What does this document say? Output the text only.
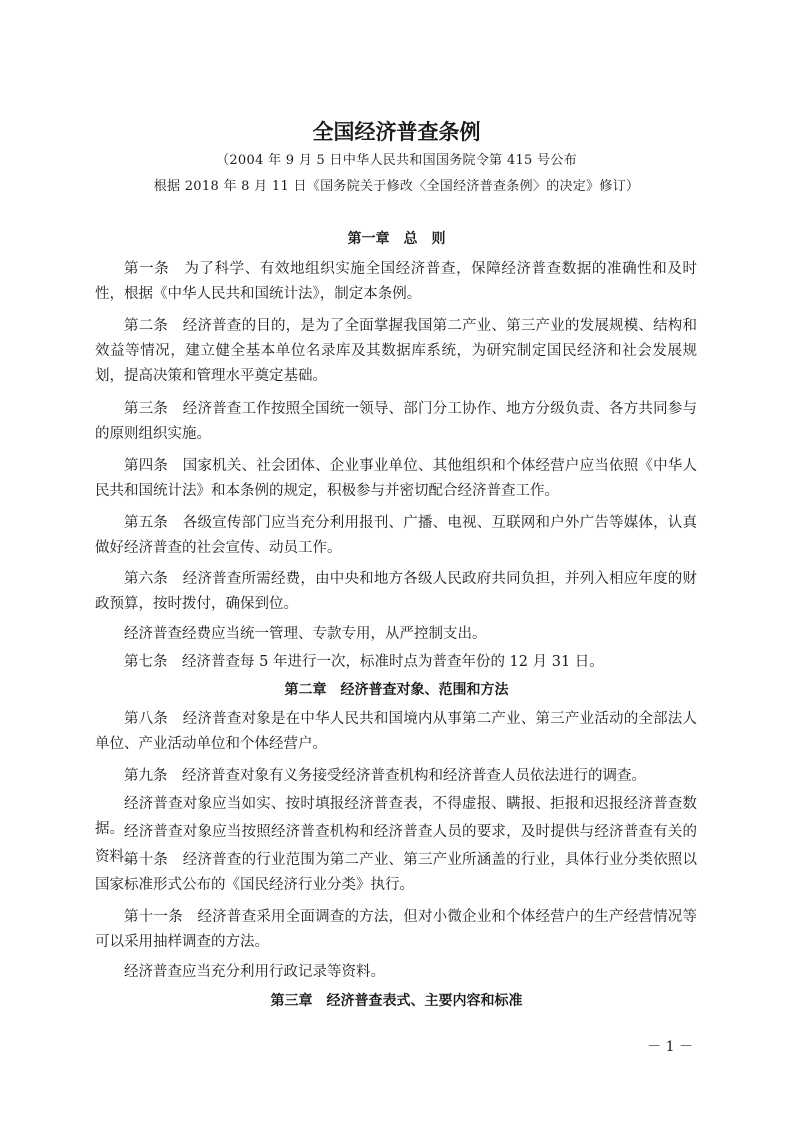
全国经济普查条例

（2004 年 9 月 5 日中华人民共和国国务院令第 415 号公布

根据 2018 年 8 月 11 日《国务院关于修改〈全国经济普查条例〉的决定》修订）

第一章　总　则

第一条　为了科学、有效地组织实施全国经济普查，保障经济普查数据的准确性和及时性，根据《中华人民共和国统计法》，制定本条例。

第二条　经济普查的目的，是为了全面掌握我国第二产业、第三产业的发展规模、结构和效益等情况，建立健全基本单位名录库及其数据库系统，为研究制定国民经济和社会发展规划，提高决策和管理水平奠定基础。

第三条　经济普查工作按照全国统一领导、部门分工协作、地方分级负责、各方共同参与的原则组织实施。

第四条　国家机关、社会团体、企业事业单位、其他组织和个体经营户应当依照《中华人民共和国统计法》和本条例的规定，积极参与并密切配合经济普查工作。

第五条　各级宣传部门应当充分利用报刊、广播、电视、互联网和户外广告等媒体，认真做好经济普查的社会宣传、动员工作。

第六条　经济普查所需经费，由中央和地方各级人民政府共同负担，并列入相应年度的财政预算，按时拨付，确保到位。

经济普查经费应当统一管理、专款专用，从严控制支出。

第七条　经济普查每 5 年进行一次，标准时点为普查年份的 12 月 31 日。

第二章　经济普查对象、范围和方法

第八条　经济普查对象是在中华人民共和国境内从事第二产业、第三产业活动的全部法人单位、产业活动单位和个体经营户。

第九条　经济普查对象有义务接受经济普查机构和经济普查人员依法进行的调查。

经济普查对象应当如实、按时填报经济普查表，不得虚报、瞒报、拒报和迟报经济普查数据。 经济普查对象应当按照经济普查机构和经济普查人员的要求，及时提供与经济普查有关的资料。

第十条　经济普查的行业范围为第二产业、第三产业所涵盖的行业，具体行业分类依照以国家标准形式公布的《国民经济行业分类》执行。

第十一条　经济普查采用全面调查的方法，但对小微企业和个体经营户的生产经营情况等可以采用抽样调查的方法。

经济普查应当充分利用行政记录等资料。

第三章　经济普查表式、主要内容和标准
－ 1 －
